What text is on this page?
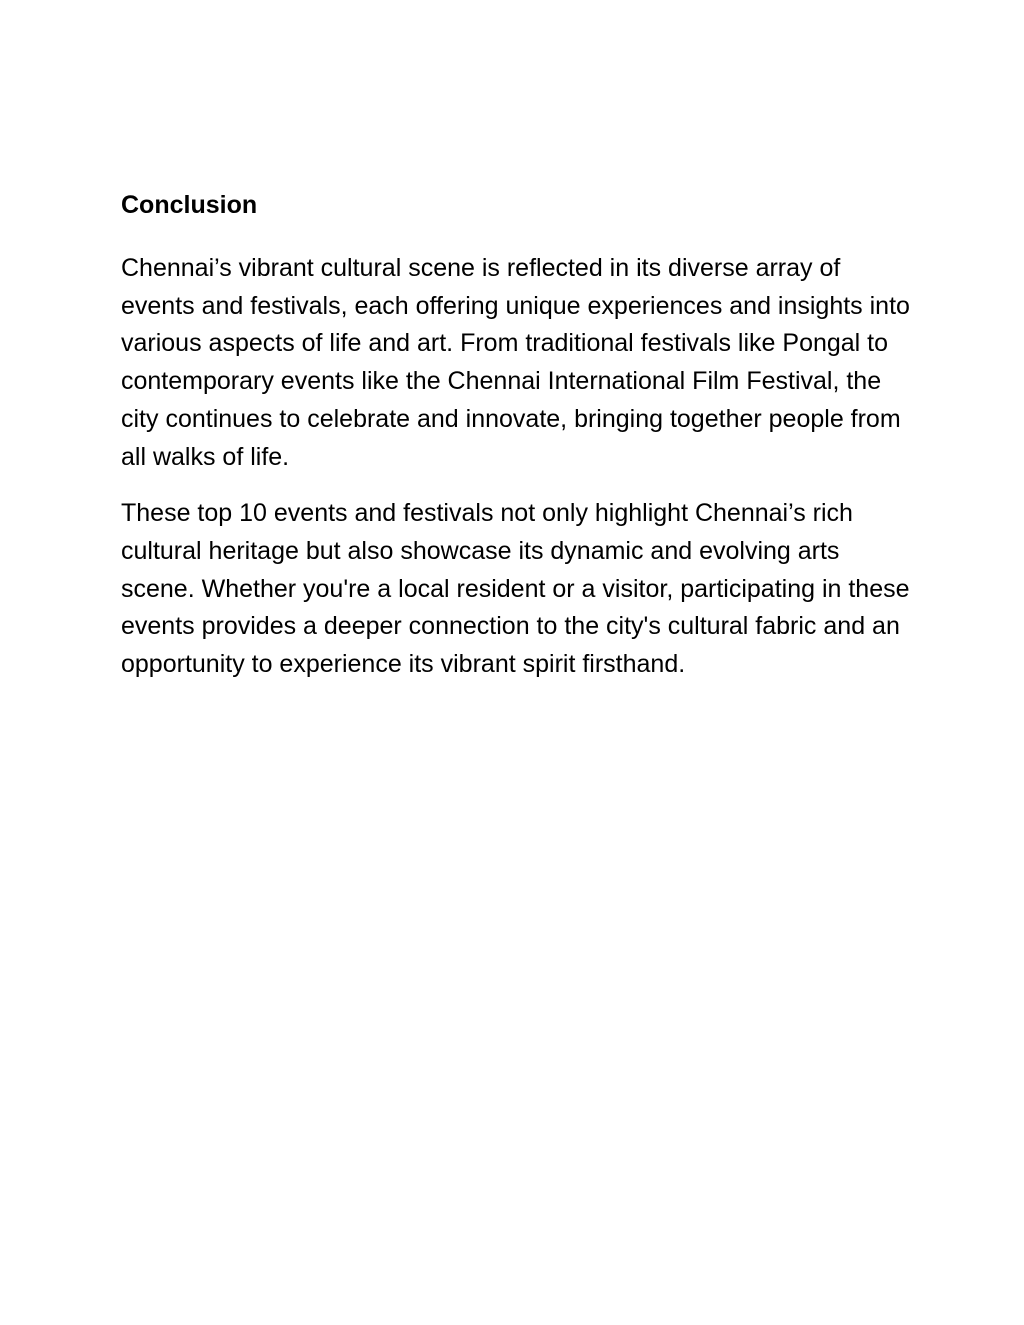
Conclusion

Chennai’s vibrant cultural scene is reflected in its diverse array of events and festivals, each offering unique experiences and insights into various aspects of life and art. From traditional festivals like Pongal to contemporary events like the Chennai International Film Festival, the city continues to celebrate and innovate, bringing together people from all walks of life.

These top 10 events and festivals not only highlight Chennai’s rich cultural heritage but also showcase its dynamic and evolving arts scene. Whether you're a local resident or a visitor, participating in these events provides a deeper connection to the city's cultural fabric and an opportunity to experience its vibrant spirit firsthand.
